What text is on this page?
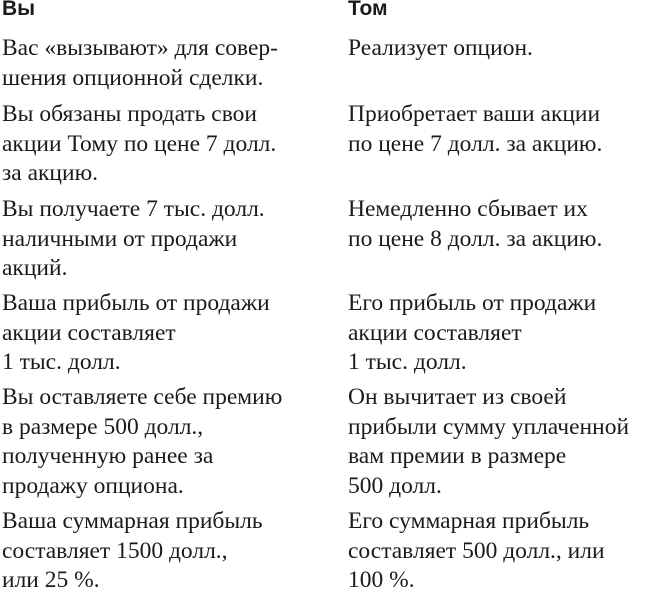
Вы	Том
Вас «вызывают» для совер-
шения опционной сделки.
Реализует опцион.
Вы обязаны продать свои
акции Тому по цене 7 долл.
за акцию.
Приобретает ваши акции
по цене 7 долл. за акцию.
Вы получаете 7 тыс. долл.
наличными от продажи
акций.
Немедленно сбывает их
по цене 8 долл. за акцию.
Ваша прибыль от продажи
акции составляет
1 тыс. долл.
Его прибыль от продажи
акции составляет
1 тыс. долл.
Вы оставляете себе премию
в размере 500 долл.,
полученную ранее за
продажу опциона.
Он вычитает из своей
прибыли сумму уплаченной
вам премии в размере
500 долл.
Ваша суммарная прибыль
составляет 1500 долл.,
или 25 %.
Его суммарная прибыль
составляет 500 долл., или
100 %.
